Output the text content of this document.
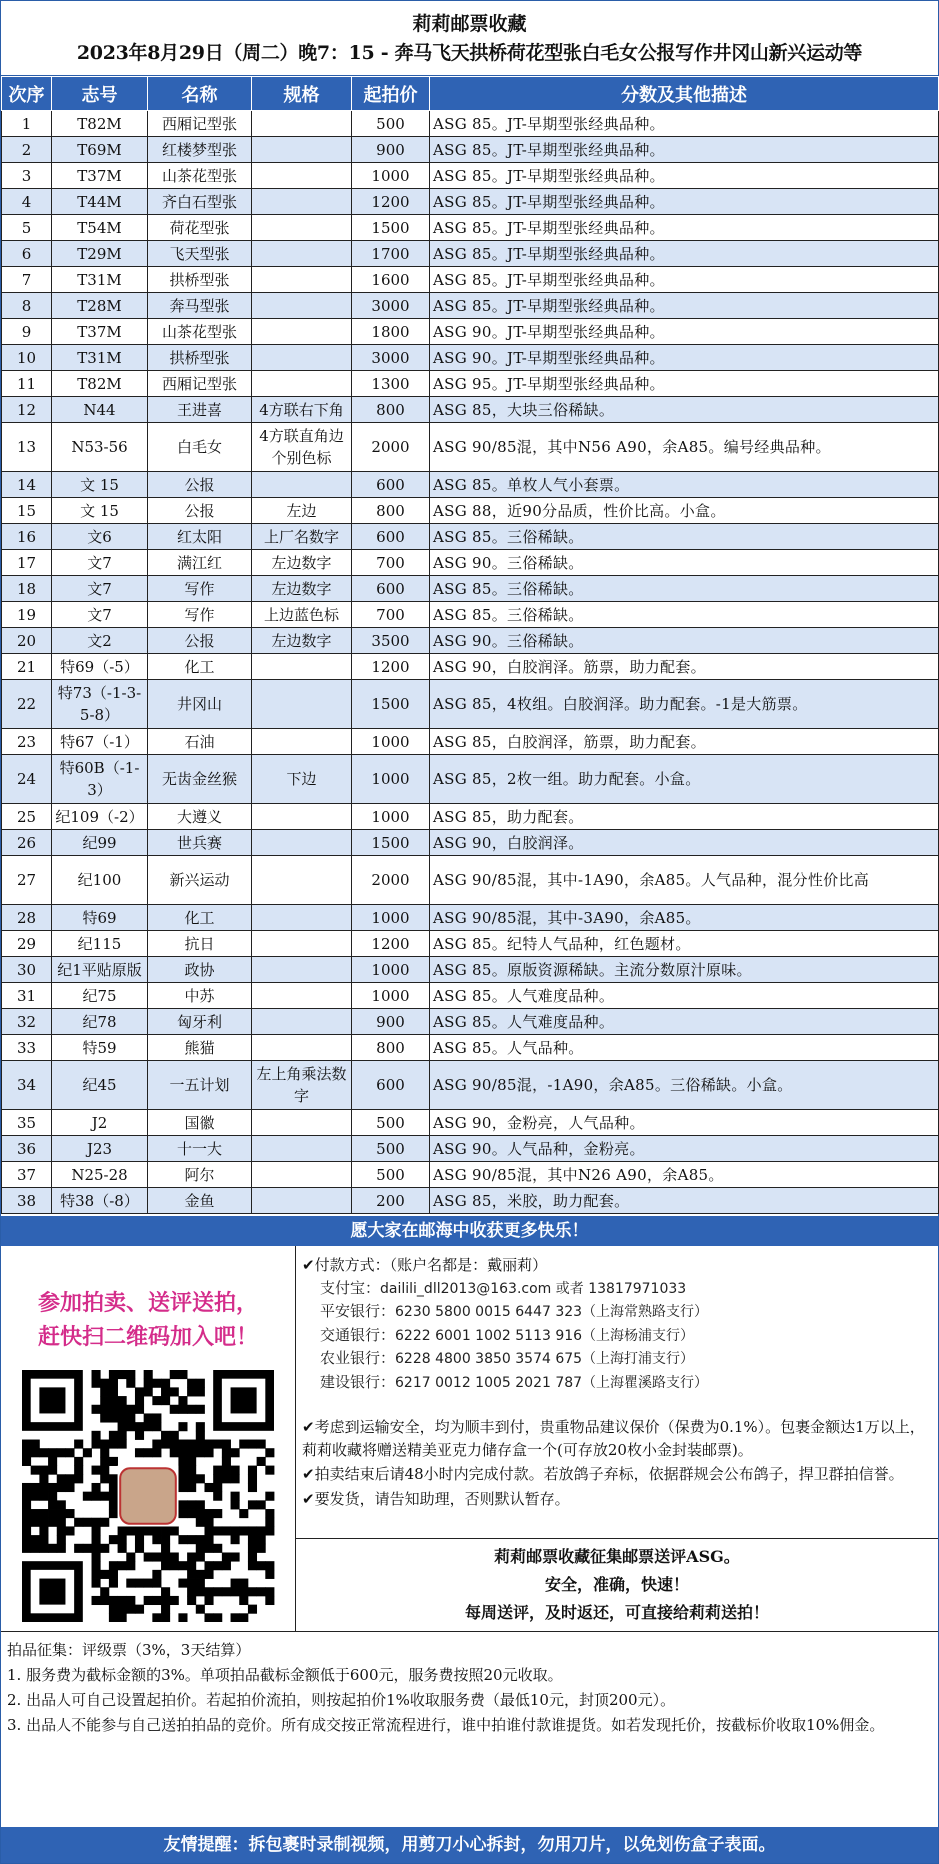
莉莉邮票收藏
2023年8月29日（周二）晚7：15 - 奔马飞天拱桥荷花型张白毛女公报写作井冈山新兴运动等
次序	志号	名称	规格	起拍价	分数及其他描述
1	T82M	西厢记型张		500	ASG 85。JT-早期型张经典品种。
2	T69M	红楼梦型张		900	ASG 85。JT-早期型张经典品种。
3	T37M	山茶花型张		1000	ASG 85。JT-早期型张经典品种。
4	T44M	齐白石型张		1200	ASG 85。JT-早期型张经典品种。
5	T54M	荷花型张		1500	ASG 85。JT-早期型张经典品种。
6	T29M	飞天型张		1700	ASG 85。JT-早期型张经典品种。
7	T31M	拱桥型张		1600	ASG 85。JT-早期型张经典品种。
8	T28M	奔马型张		3000	ASG 85。JT-早期型张经典品种。
9	T37M	山茶花型张		1800	ASG 90。JT-早期型张经典品种。
10	T31M	拱桥型张		3000	ASG 90。JT-早期型张经典品种。
11	T82M	西厢记型张		1300	ASG 95。JT-早期型张经典品种。
12	N44	王进喜	4方联右下角	800	ASG 85，大块三俗稀缺。
13	N53-56	白毛女	4方联直角边个别色标	2000	ASG 90/85混，其中N56 A90，余A85。编号经典品种。
14	文 15	公报		600	ASG 85。单枚人气小套票。
15	文 15	公报	左边	800	ASG 88，近90分品质，性价比高。小盒。
16	文6	红太阳	上厂名数字	600	ASG 85。三俗稀缺。
17	文7	满江红	左边数字	700	ASG 90。三俗稀缺。
18	文7	写作	左边数字	600	ASG 85。三俗稀缺。
19	文7	写作	上边蓝色标	700	ASG 85。三俗稀缺。
20	文2	公报	左边数字	3500	ASG 90。三俗稀缺。
21	特69（-5）	化工		1200	ASG 90，白胶润泽。筋票，助力配套。
22	特73（-1-3-5-8）	井冈山		1500	ASG 85，4枚组。白胶润泽。助力配套。-1是大筋票。
23	特67（-1）	石油		1000	ASG 85，白胶润泽，筋票，助力配套。
24	特60B（-1-3）	无齿金丝猴	下边	1000	ASG 85，2枚一组。助力配套。小盒。
25	纪109（-2）	大遵义		1000	ASG 85，助力配套。
26	纪99	世兵赛		1500	ASG 90，白胶润泽。
27	纪100	新兴运动		2000	ASG 90/85混，其中-1A90，余A85。人气品种，混分性价比高
28	特69	化工		1000	ASG 90/85混，其中-3A90，余A85。
29	纪115	抗日		1200	ASG 85。纪特人气品种，红色题材。
30	纪1平贴原版	政协		1000	ASG 85。原版资源稀缺。主流分数原汁原味。
31	纪75	中苏		1000	ASG 85。人气难度品种。
32	纪78	匈牙利		900	ASG 85。人气难度品种。
33	特59	熊猫		800	ASG 85。人气品种。
34	纪45	一五计划	左上角乘法数字	600	ASG 90/85混，-1A90，余A85。三俗稀缺。小盒。
35	J2	国徽		500	ASG 90，金粉亮，人气品种。
36	J23	十一大		500	ASG 90。人气品种，金粉亮。
37	N25-28	阿尔		500	ASG 90/85混，其中N26 A90，余A85。
38	特38（-8）	金鱼		200	ASG 85，米胶，助力配套。
愿大家在邮海中收获更多快乐！
参加拍卖、送评送拍，
赶快扫二维码加入吧！
✔付款方式：（账户名都是：戴丽莉）
支付宝：dailili_dll2013@163.com 或者 13817971033
平安银行：6230 5800 0015 6447 323（上海常熟路支行）
交通银行：6222 6001 1002 5113 916（上海杨浦支行）
农业银行：6228 4800 3850 3574 675（上海打浦支行）
建设银行：6217 0012 1005 2021 787（上海瞿溪路支行）
✔考虑到运输安全，均为顺丰到付，贵重物品建议保价（保费为0.1%）。包裹金额达1万以上，莉莉收藏将赠送精美亚克力储存盒一个(可存放20枚小金封装邮票)。
✔拍卖结束后请48小时内完成付款。若放鸽子弃标，依据群规会公布鸽子，捍卫群拍信誉。
✔要发货，请告知助理，否则默认暂存。
莉莉邮票收藏征集邮票送评ASG。
安全，准确，快速！
每周送评，及时返还，可直接给莉莉送拍！
拍品征集：评级票（3%，3天结算）
1. 服务费为截标金额的3%。单项拍品截标金额低于600元，服务费按照20元收取。
2. 出品人可自己设置起拍价。若起拍价流拍，则按起拍价1%收取服务费（最低10元，封顶200元）。
3. 出品人不能参与自己送拍拍品的竞价。所有成交按正常流程进行，谁中拍谁付款谁提货。如若发现托价，按截标价收取10%佣金。
友情提醒：拆包裹时录制视频，用剪刀小心拆封，勿用刀片，以免划伤盒子表面。
